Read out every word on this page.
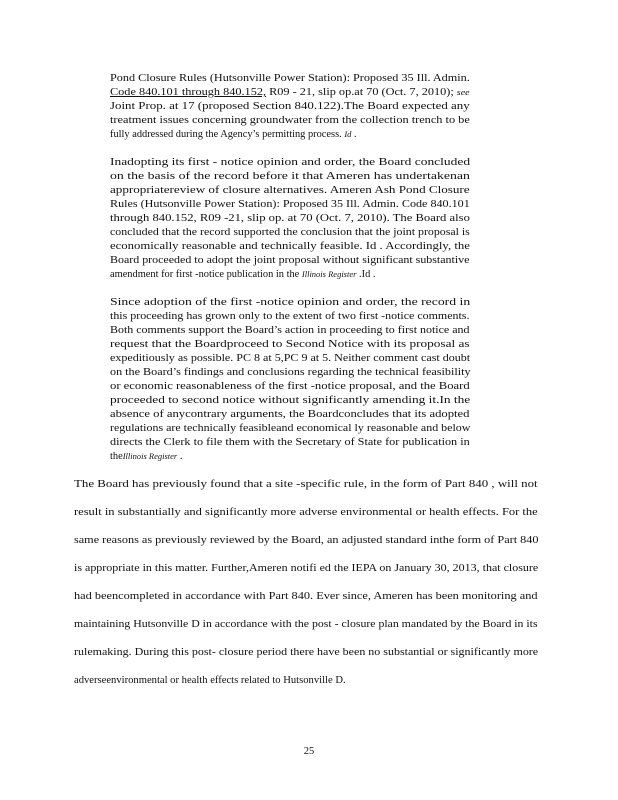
Pond Closure Rules (Hutsonville Power Station): Proposed 35 Ill. Admin.
Code 840.101 through 840.152, R09 - 21, slip op.at 70 (Oct. 7, 2010); see
Joint Prop. at 17 (proposed Section 840.122).The Board expected any
treatment issues concerning groundwater from the collection trench to be
fully addressed during the Agency’s permitting process. Id .
Inadopting its first - notice opinion and order, the Board concluded
on the basis of the record before it that Ameren has undertakenan
appropriatereview of closure alternatives. Ameren Ash Pond Closure
Rules (Hutsonville Power Station): Proposed 35 Ill. Admin. Code 840.101
through 840.152, R09 -21, slip op. at 70 (Oct. 7, 2010). The Board also
concluded that the record supported the conclusion that the joint proposal is
economically reasonable and technically feasible. Id . Accordingly, the
Board proceeded to adopt the joint proposal without significant substantive
amendment for first -notice publication in the Illinois Register .Id .
Since adoption of the first -notice opinion and order, the record in
this proceeding has grown only to the extent of two first -notice comments.
Both comments support the Board’s action in proceeding to first notice and
request that the Boardproceed to Second Notice with its proposal as
expeditiously as possible. PC 8 at 5,PC 9 at 5. Neither comment cast doubt
on the Board’s findings and conclusions regarding the technical feasibility
or economic reasonableness of the first -notice proposal, and the Board
proceeded to second notice without significantly amending it.In the
absence of anycontrary arguments, the Boardconcludes that its adopted
regulations are technically feasibleand economical ly reasonable and below
directs the Clerk to file them with the Secretary of State for publication in
theIllinois Register .
The Board has previously found that a site -specific rule, in the form of Part 840 , will not
result in substantially and significantly more adverse environmental or health effects. For the
same reasons as previously reviewed by the Board, an adjusted standard inthe form of Part 840
is appropriate in this matter. Further,Ameren notifi ed the IEPA on January 30, 2013, that closure
had beencompleted in accordance with Part 840. Ever since, Ameren has been monitoring and
maintaining Hutsonville D in accordance with the post - closure plan mandated by the Board in its
rulemaking. During this post- closure period there have been no substantial or significantly more
adverseenvironmental or health effects related to Hutsonville D.
25
